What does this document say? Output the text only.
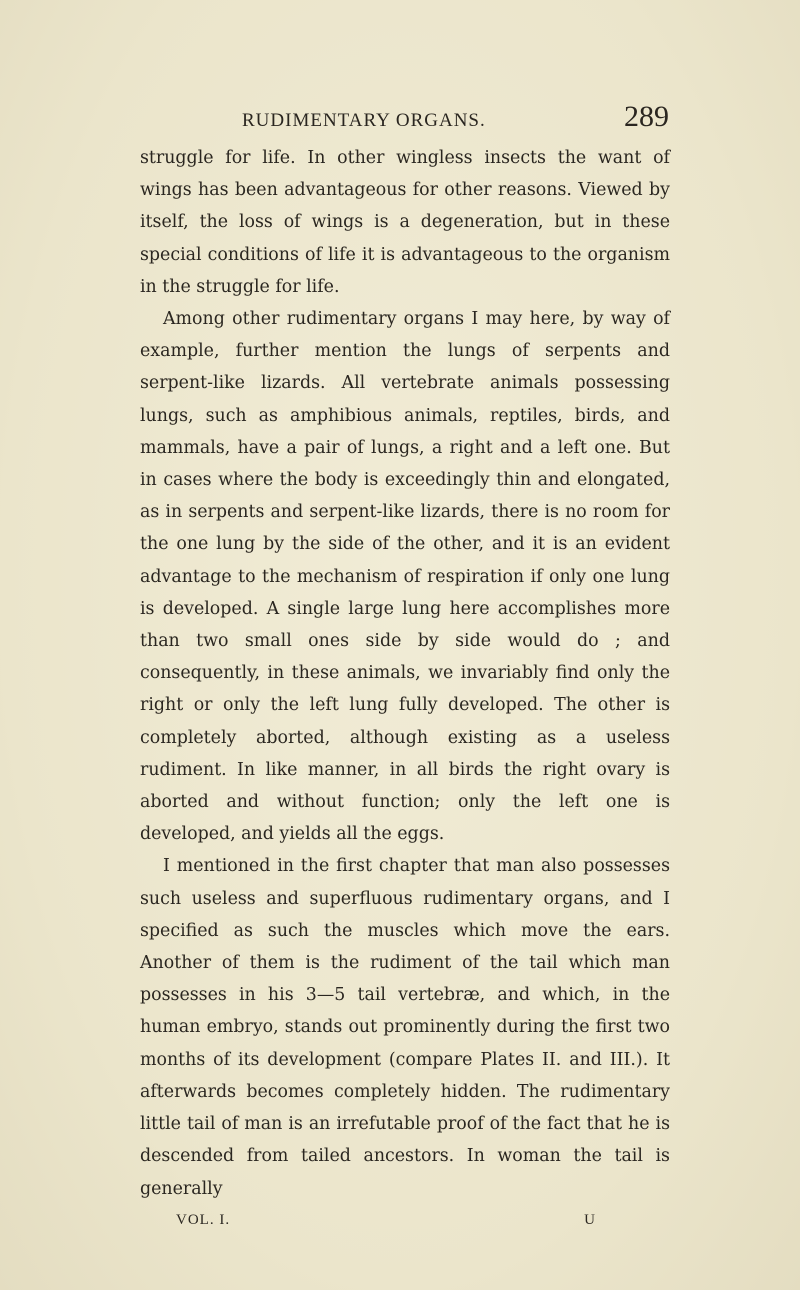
RUDIMENTARY ORGANS.	289

struggle for life. In other wingless insects the want of wings has been advantageous for other reasons. Viewed by itself, the loss of wings is a degeneration, but in these special conditions of life it is advantageous to the organism in the struggle for life.

Among other rudimentary organs I may here, by way of example, further mention the lungs of serpents and serpent-like lizards. All vertebrate animals possessing lungs, such as amphibious animals, reptiles, birds, and mammals, have a pair of lungs, a right and a left one. But in cases where the body is exceedingly thin and elongated, as in serpents and serpent-like lizards, there is no room for the one lung by the side of the other, and it is an evident advantage to the mechanism of respiration if only one lung is developed. A single large lung here accomplishes more than two small ones side by side would do ; and consequently, in these animals, we invariably find only the right or only the left lung fully developed. The other is completely aborted, although existing as a useless rudiment. In like manner, in all birds the right ovary is aborted and without function; only the left one is developed, and yields all the eggs.

I mentioned in the first chapter that man also possesses such useless and superfluous rudimentary organs, and I specified as such the muscles which move the ears. Another of them is the rudiment of the tail which man possesses in his 3—5 tail vertebræ, and which, in the human embryo, stands out prominently during the first two months of its development (compare Plates II. and III.). It afterwards becomes completely hidden. The rudimentary little tail of man is an irrefutable proof of the fact that he is descended from tailed ancestors. In woman the tail is generally

VOL. I.	U
